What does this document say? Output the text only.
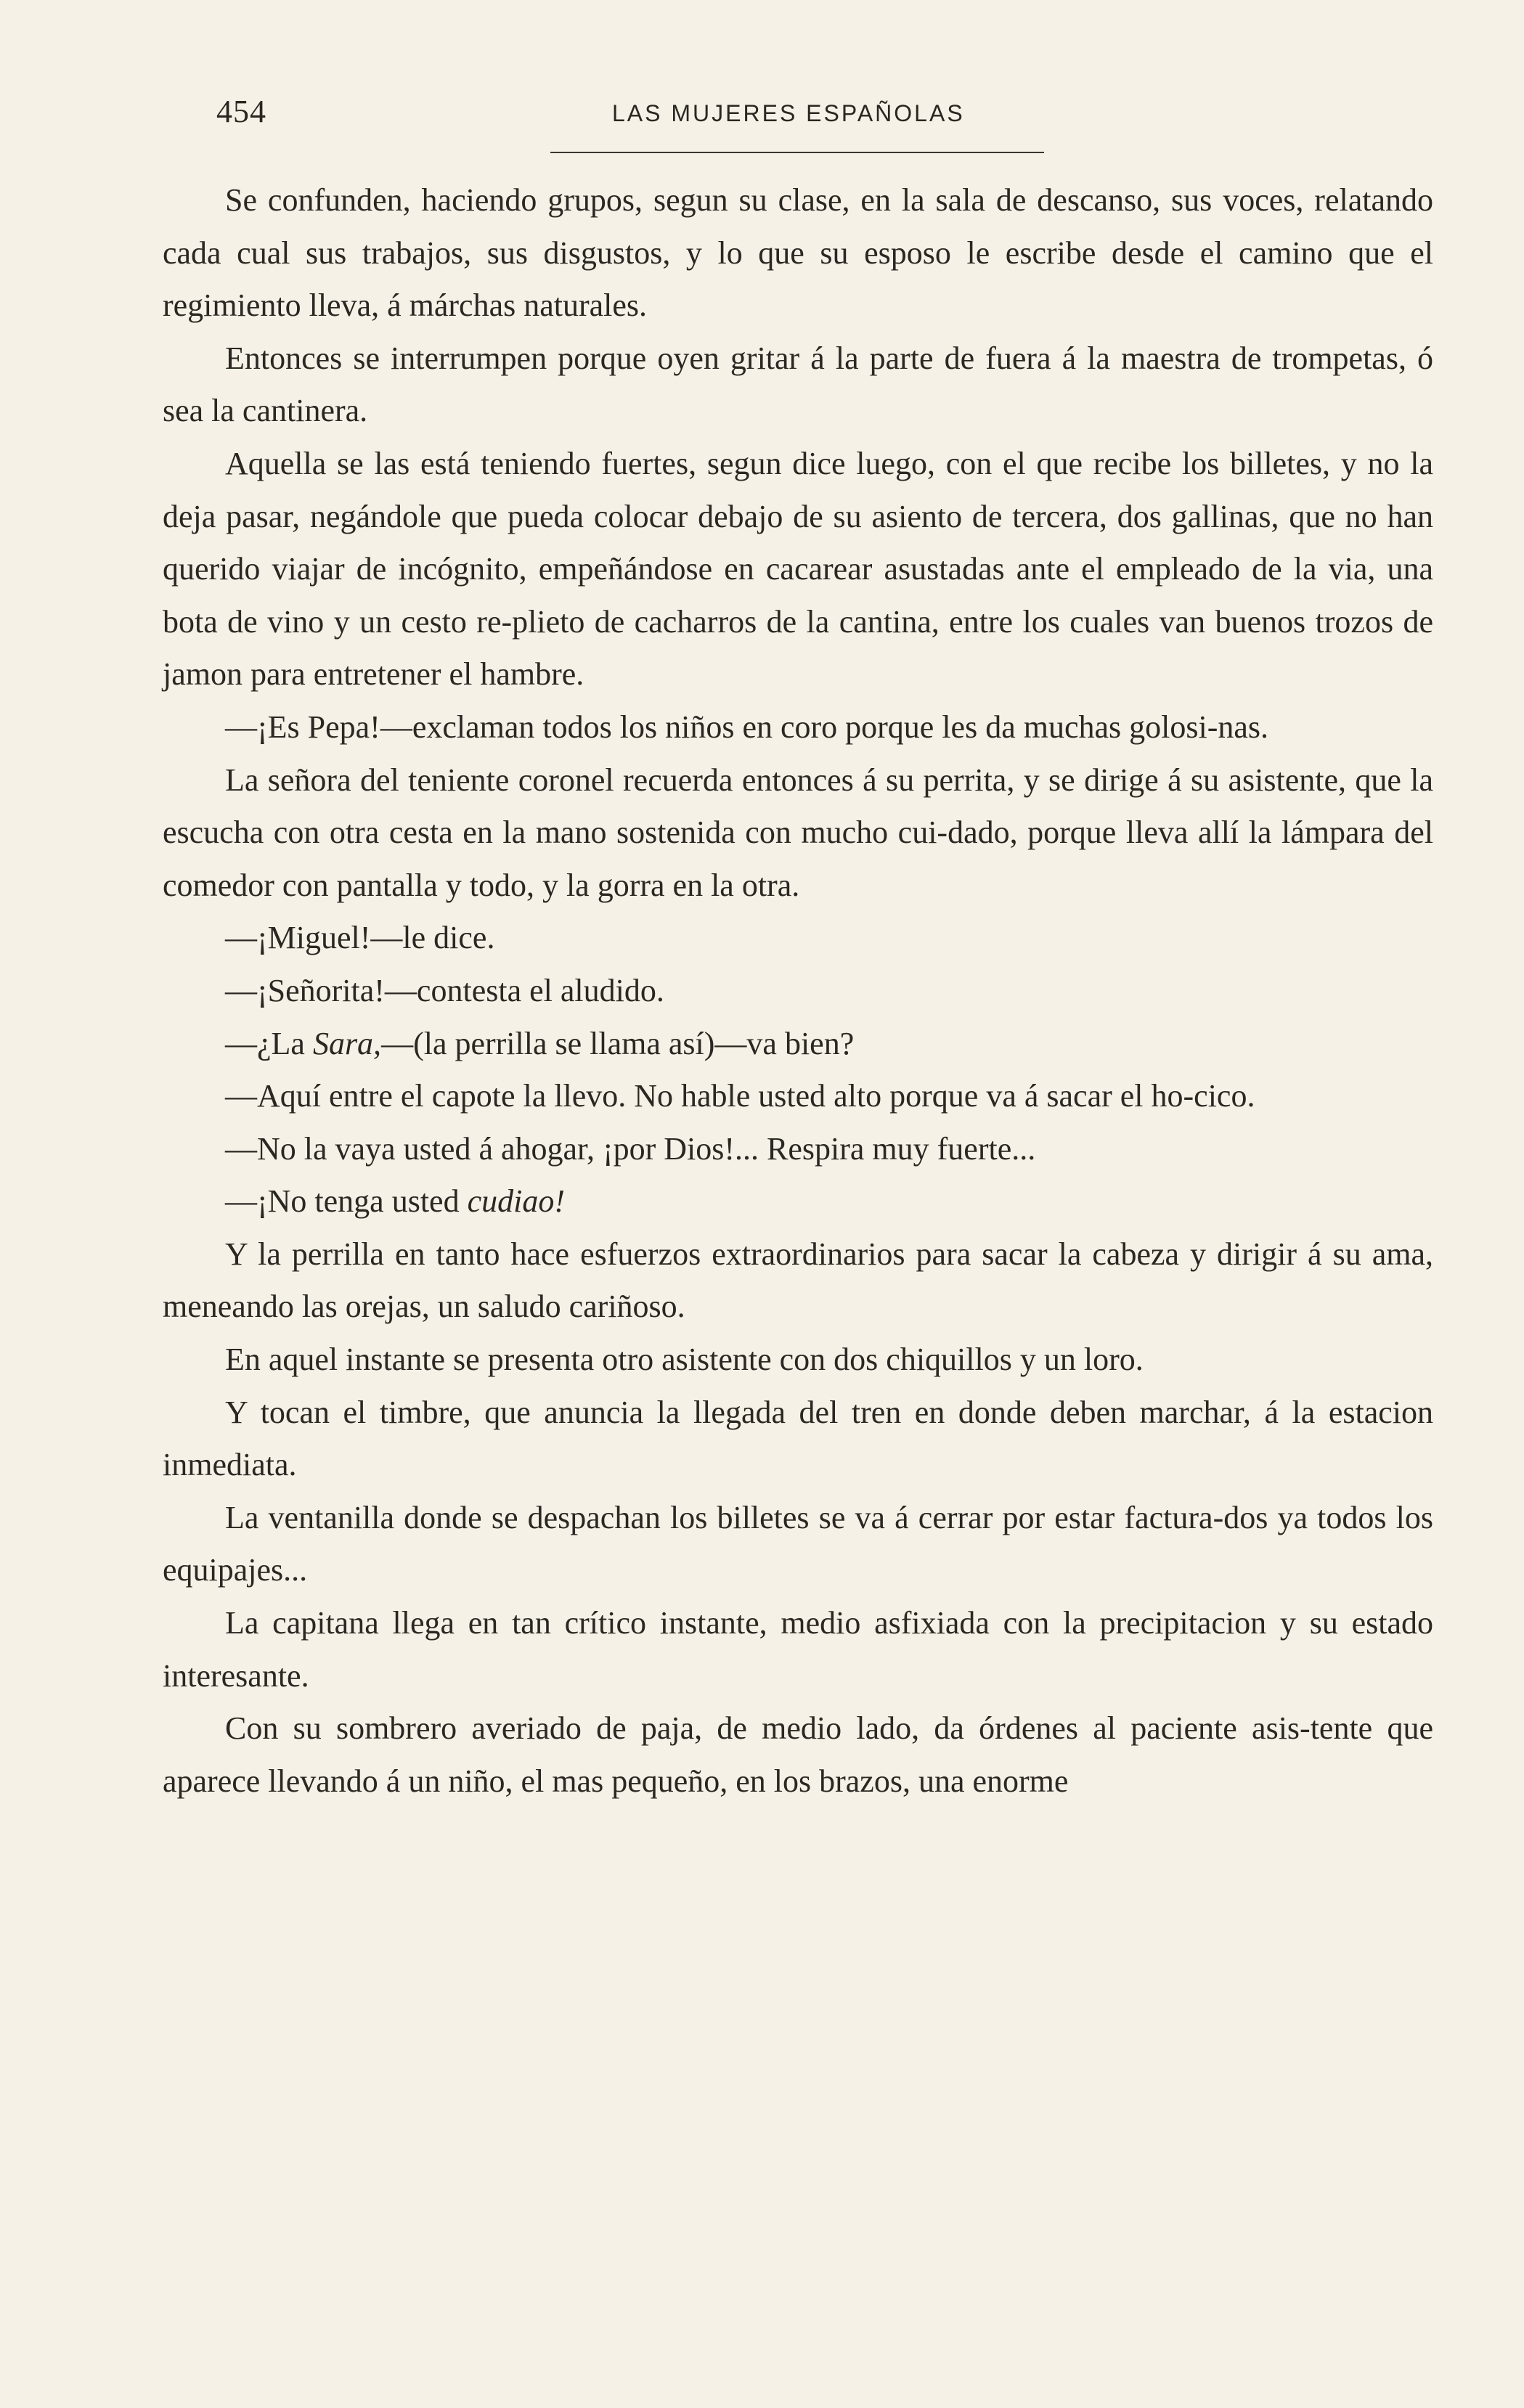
454	LAS MUJERES ESPAÑOLAS

Se confunden, haciendo grupos, segun su clase, en la sala de descanso, sus voces, relatando cada cual sus trabajos, sus disgustos, y lo que su esposo le escribe desde el camino que el regimiento lleva, á márchas naturales.

Entonces se interrumpen porque oyen gritar á la parte de fuera á la maestra de trompetas, ó sea la cantinera.

Aquella se las está teniendo fuertes, segun dice luego, con el que recibe los billetes, y no la deja pasar, negándole que pueda colocar debajo de su asiento de tercera, dos gallinas, que no han querido viajar de incógnito, empeñándose en cacarear asustadas ante el empleado de la via, una bota de vino y un cesto re-plieto de cacharros de la cantina, entre los cuales van buenos trozos de jamon para entretener el hambre.

—¡Es Pepa!—exclaman todos los niños en coro porque les da muchas golosi-nas.

La señora del teniente coronel recuerda entonces á su perrita, y se dirige á su asistente, que la escucha con otra cesta en la mano sostenida con mucho cui-dado, porque lleva allí la lámpara del comedor con pantalla y todo, y la gorra en la otra.

—¡Miguel!—le dice.

—¡Señorita!—contesta el aludido.

—¿La Sara,—(la perrilla se llama así)—va bien?

—Aquí entre el capote la llevo. No hable usted alto porque va á sacar el ho-cico.

—No la vaya usted á ahogar, ¡por Dios!... Respira muy fuerte...

—¡No tenga usted cudiao!

Y la perrilla en tanto hace esfuerzos extraordinarios para sacar la cabeza y dirigir á su ama, meneando las orejas, un saludo cariñoso.

En aquel instante se presenta otro asistente con dos chiquillos y un loro.

Y tocan el timbre, que anuncia la llegada del tren en donde deben marchar, á la estacion inmediata.

La ventanilla donde se despachan los billetes se va á cerrar por estar factura-dos ya todos los equipajes...

La capitana llega en tan crítico instante, medio asfixiada con la precipitacion y su estado interesante.

Con su sombrero averiado de paja, de medio lado, da órdenes al paciente asis-tente que aparece llevando á un niño, el mas pequeño, en los brazos, una enorme
